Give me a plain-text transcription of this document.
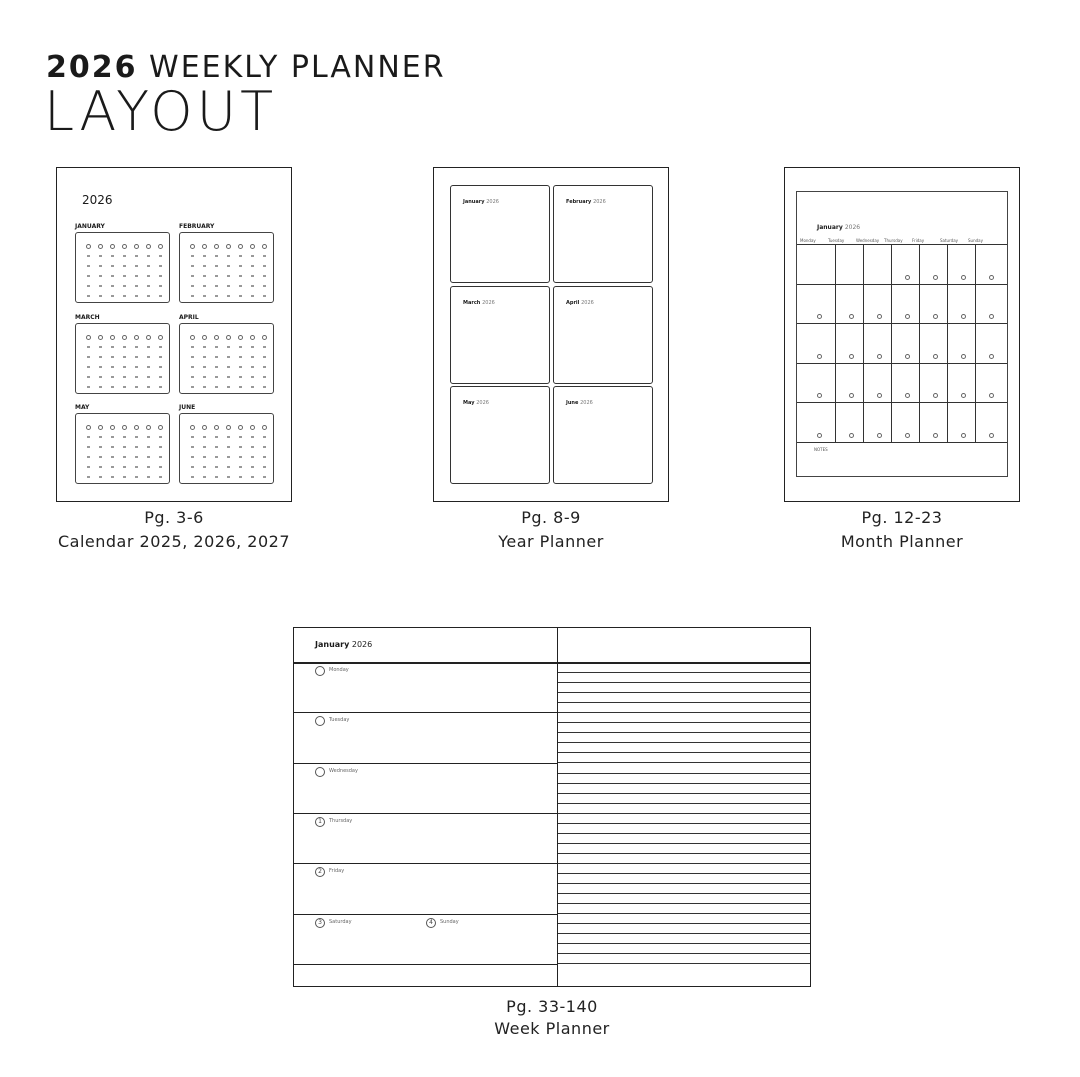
2026 WEEKLY PLANNER
LAYOUT
2026
JANUARY	FEBRUARY
MARCH	APRIL
MAY	JUNE
Pg. 3-6
Calendar 2025, 2026, 2027
January 2026	February 2026
March 2026	April 2026
May 2026	June 2026
Pg. 8-9
Year Planner
January 2026
Monday	Tuesday	Wednesday Thursday Friday	Saturday Sunday
NOTES
Pg. 12-23
Month Planner
January 2026
Monday
Tuesday
Wednesday
1	Thursday
2	Friday
3	Saturday	4	Sunday
Pg. 33-140
Week Planner
